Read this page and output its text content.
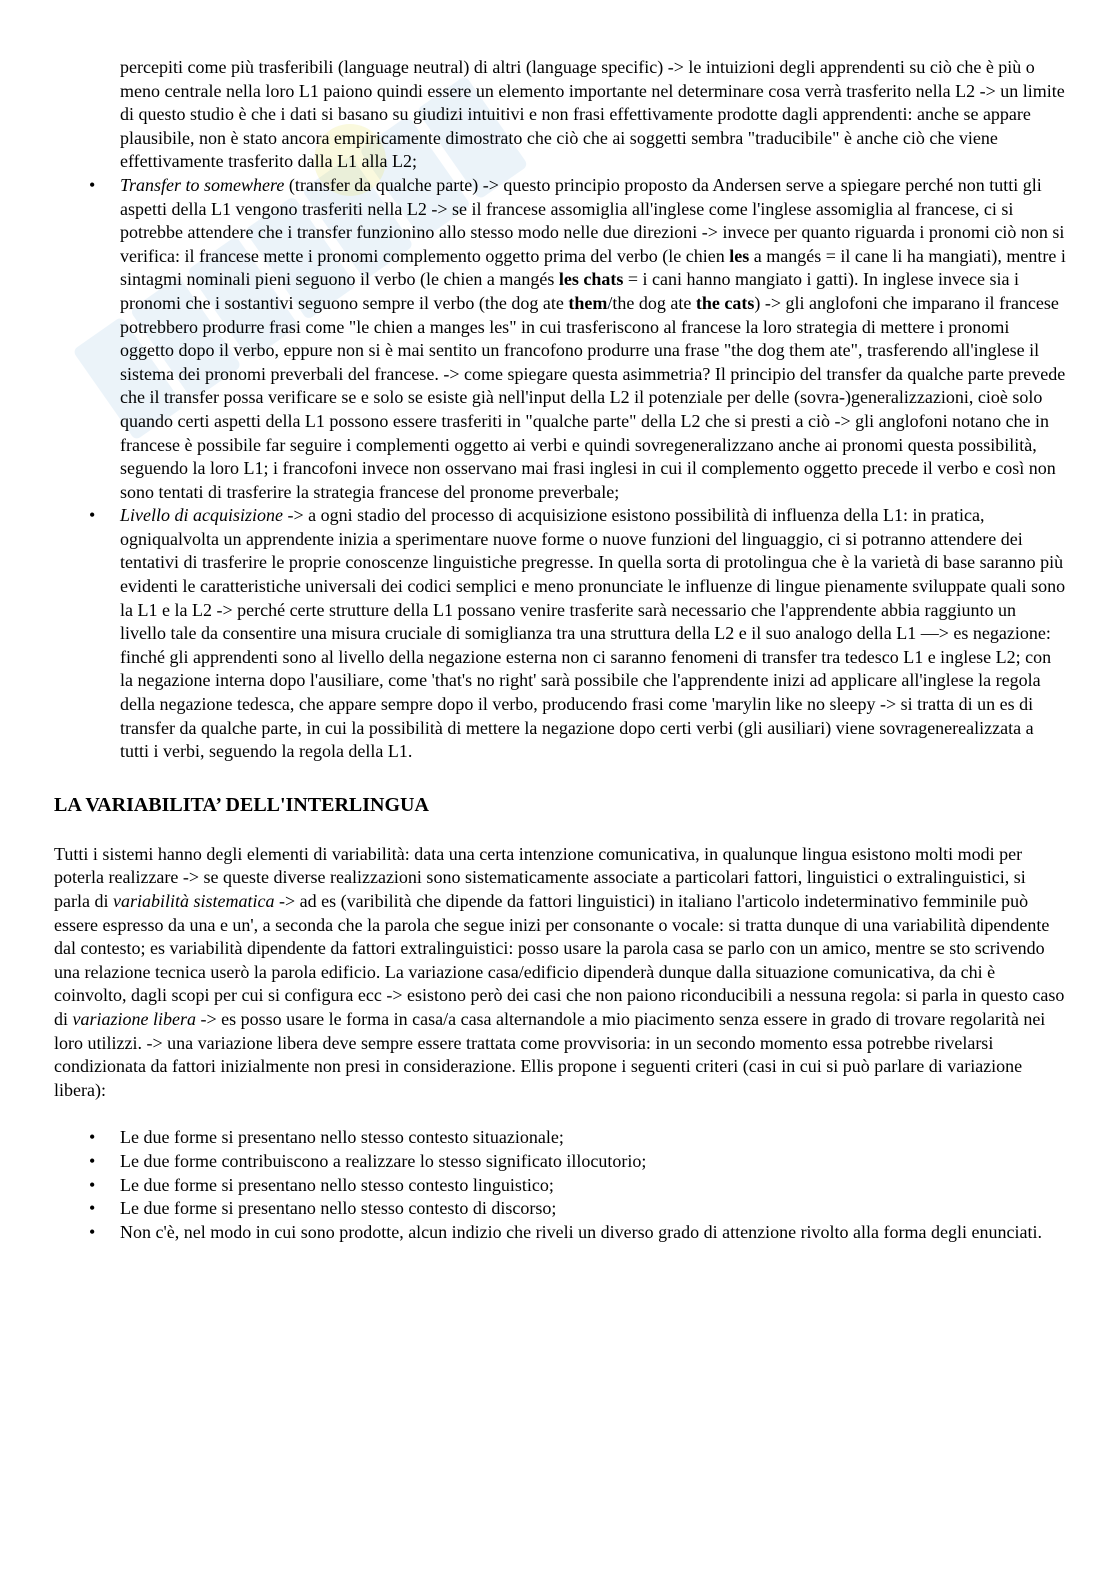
percepiti come più trasferibili (language neutral) di altri (language specific) -> le intuizioni degli apprendenti su ciò che è più o meno centrale nella loro L1 paiono quindi essere un elemento importante nel determinare cosa verrà trasferito nella L2 -> un limite di questo studio è che i dati si basano su giudizi intuitivi e non frasi effettivamente prodotte dagli apprendenti: anche se appare plausibile, non è stato ancora empiricamente dimostrato che ciò che ai soggetti sembra "traducibile" è anche ciò che viene effettivamente trasferito dalla L1 alla L2;
• Transfer to somewhere (transfer da qualche parte) -> questo principio proposto da Andersen serve a spiegare perché non tutti gli aspetti della L1 vengono trasferiti nella L2 -> se il francese assomiglia all'inglese come l'inglese assomiglia al francese, ci si potrebbe attendere che i transfer funzionino allo stesso modo nelle due direzioni -> invece per quanto riguarda i pronomi ciò non si verifica: il francese mette i pronomi complemento oggetto prima del verbo (le chien les a mangés = il cane li ha mangiati), mentre i sintagmi nominali pieni seguono il verbo (le chien a mangés les chats = i cani hanno mangiato i gatti). In inglese invece sia i pronomi che i sostantivi seguono sempre il verbo (the dog ate them/the dog ate the cats) -> gli anglofoni che imparano il francese potrebbero produrre frasi come "le chien a manges les" in cui trasferiscono al francese la loro strategia di mettere i pronomi oggetto dopo il verbo, eppure non si è mai sentito un francofono produrre una frase "the dog them ate", trasferendo all'inglese il sistema dei pronomi preverbali del francese. -> come spiegare questa asimmetria? Il principio del transfer da qualche parte prevede che il transfer possa verificare se e solo se esiste già nell'input della L2 il potenziale per delle (sovra-)generalizzazioni, cioè solo quando certi aspetti della L1 possono essere trasferiti in "qualche parte" della L2 che si presti a ciò -> gli anglofoni notano che in francese è possibile far seguire i complementi oggetto ai verbi e quindi sovregeneralizzano anche ai pronomi questa possibilità, seguendo la loro L1; i francofoni invece non osservano mai frasi inglesi in cui il complemento oggetto precede il verbo e così non sono tentati di trasferire la strategia francese del pronome preverbale;
• Livello di acquisizione -> a ogni stadio del processo di acquisizione esistono possibilità di influenza della L1: in pratica, ogniqualvolta un apprendente inizia a sperimentare nuove forme o nuove funzioni del linguaggio, ci si potranno attendere dei tentativi di trasferire le proprie conoscenze linguistiche pregresse. In quella sorta di protolingua che è la varietà di base saranno più evidenti le caratteristiche universali dei codici semplici e meno pronunciate le influenze di lingue pienamente sviluppate quali sono la L1 e la L2 -> perché certe strutture della L1 possano venire trasferite sarà necessario che l'apprendente abbia raggiunto un livello tale da consentire una misura cruciale di somiglianza tra una struttura della L2 e il suo analogo della L1 —> es negazione: finché gli apprendenti sono al livello della negazione esterna non ci saranno fenomeni di transfer tra tedesco L1 e inglese L2; con la negazione interna dopo l'ausiliare, come 'that's no right' sarà possibile che l'apprendente inizi ad applicare all'inglese la regola della negazione tedesca, che appare sempre dopo il verbo, producendo frasi come 'marylin like no sleepy -> si tratta di un es di transfer da qualche parte, in cui la possibilità di mettere la negazione dopo certi verbi (gli ausiliari) viene sovragenerealizzata a tutti i verbi, seguendo la regola della L1.
LA VARIABILITA’ DELL'INTERLINGUA

Tutti i sistemi hanno degli elementi di variabilità: data una certa intenzione comunicativa, in qualunque lingua esistono molti modi per poterla realizzare -> se queste diverse realizzazioni sono sistematicamente associate a particolari fattori, linguistici o extralinguistici, si parla di variabilità sistematica -> ad es (varibilità che dipende da fattori linguistici) in italiano l'articolo indeterminativo femminile può essere espresso da una e un', a seconda che la parola che segue inizi per consonante o vocale: si tratta dunque di una variabilità dipendente dal contesto; es variabilità dipendente da fattori extralinguistici: posso usare la parola casa se parlo con un amico, mentre se sto scrivendo una relazione tecnica userò la parola edificio. La variazione casa/edificio dipenderà dunque dalla situazione comunicativa, da chi è coinvolto, dagli scopi per cui si configura ecc -> esistono però dei casi che non paiono riconducibili a nessuna regola: si parla in questo caso di variazione libera -> es posso usare le forma in casa/a casa alternandole a mio piacimento senza essere in grado di trovare regolarità nei loro utilizzi. -> una variazione libera deve sempre essere trattata come provvisoria: in un secondo momento essa potrebbe rivelarsi condizionata da fattori inizialmente non presi in considerazione. Ellis propone i seguenti criteri (casi in cui si può parlare di variazione libera):

• Le due forme si presentano nello stesso contesto situazionale;
• Le due forme contribuiscono a realizzare lo stesso significato illocutorio;
• Le due forme si presentano nello stesso contesto linguistico;
• Le due forme si presentano nello stesso contesto di discorso;
• Non c'è, nel modo in cui sono prodotte, alcun indizio che riveli un diverso grado di attenzione rivolto alla forma degli enunciati.
